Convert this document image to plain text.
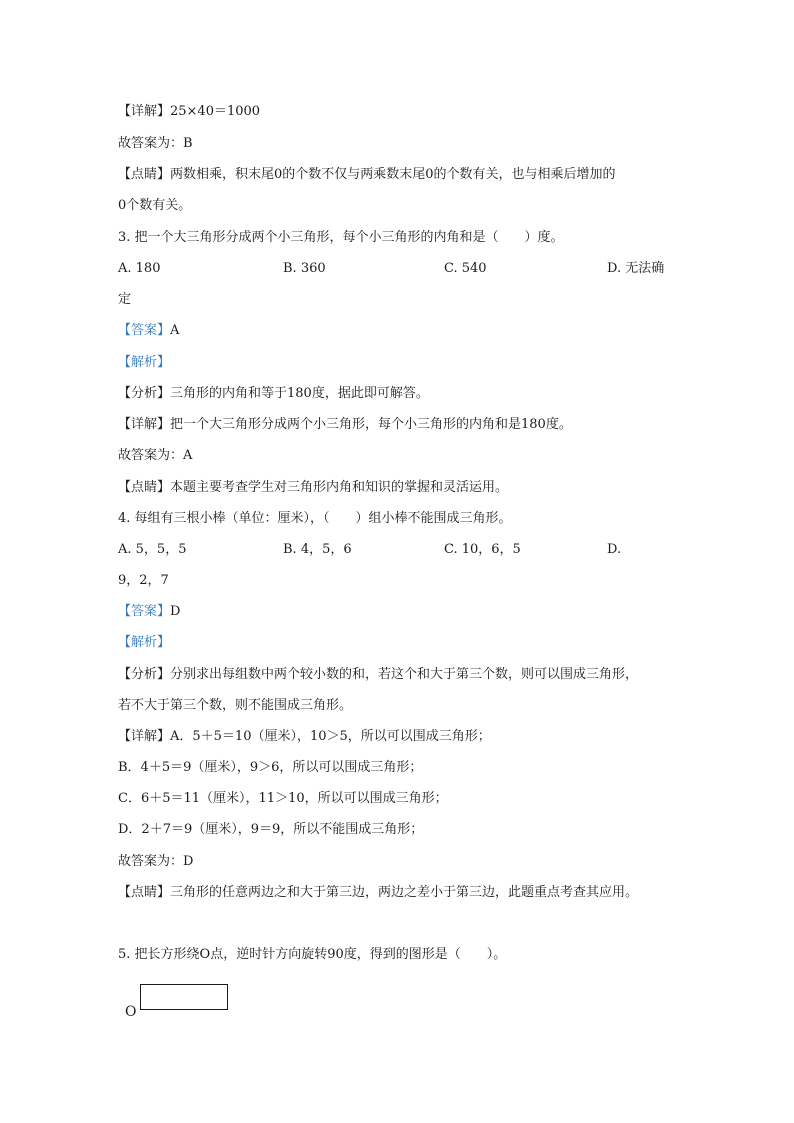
【详解】25×40＝1000
故答案为：B
【点睛】两数相乘，积末尾0的个数不仅与两乘数末尾0的个数有关，也与相乘后增加的
0个数有关。
3. 把一个大三角形分成两个小三角形，每个小三角形的内角和是（　　）度。
A. 180	B. 360	C. 540	D. 无法确
定
【答案】A
【解析】
【分析】三角形的内角和等于180度，据此即可解答。
【详解】把一个大三角形分成两个小三角形，每个小三角形的内角和是180度。
故答案为：A
【点睛】本题主要考查学生对三角形内角和知识的掌握和灵活运用。
4. 每组有三根小棒（单位：厘米），（　　）组小棒不能围成三角形。
A. 5，5，5	B. 4，5，6	C. 10，6，5	D.
9，2，7
【答案】D
【解析】
【分析】分别求出每组数中两个较小数的和，若这个和大于第三个数，则可以围成三角形，
若不大于第三个数，则不能围成三角形。
【详解】A．5＋5＝10（厘米），10＞5，所以可以围成三角形；
B．4＋5＝9（厘米），9＞6，所以可以围成三角形；
C．6＋5＝11（厘米），11＞10，所以可以围成三角形；
D．2＋7＝9（厘米），9＝9，所以不能围成三角形；
故答案为：D
【点睛】三角形的任意两边之和大于第三边，两边之差小于第三边，此题重点考查其应用。
5. 把长方形绕O点，逆时针方向旋转90度，得到的图形是（　　）。
O
